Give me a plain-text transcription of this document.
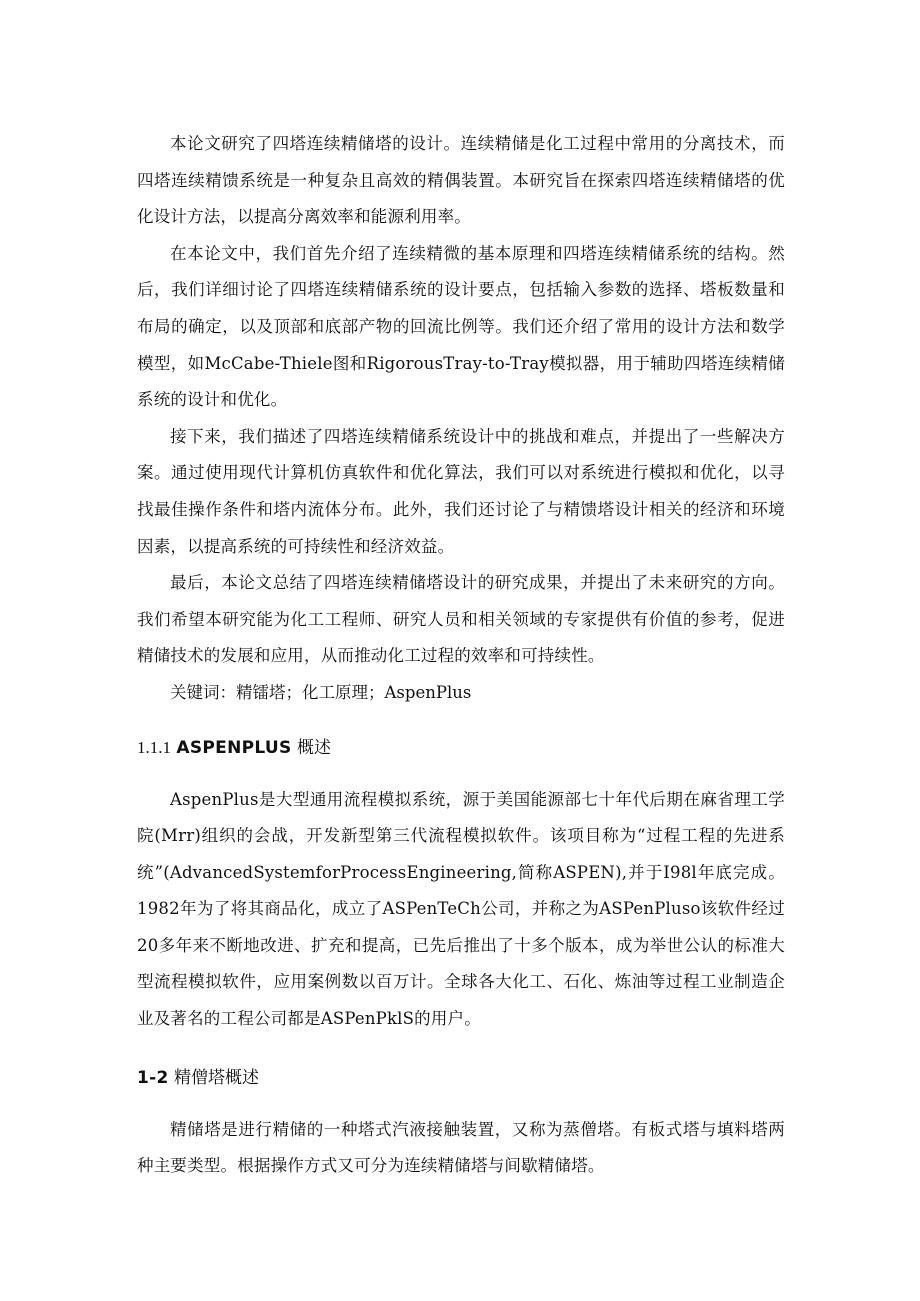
本论文研究了四塔连续精储塔的设计。连续精储是化工过程中常用的分离技术，而四塔连续精馈系统是一种复杂且高效的精偶装置。本研究旨在探索四塔连续精储塔的优化设计方法，以提高分离效率和能源利用率。

在本论文中，我们首先介绍了连续精微的基本原理和四塔连续精储系统的结构。然后，我们详细讨论了四塔连续精储系统的设计要点，包括输入参数的选择、塔板数量和布局的确定，以及顶部和底部产物的回流比例等。我们还介绍了常用的设计方法和数学模型，如McCabe-Thiele图和RigorousTray-to-Tray模拟器，用于辅助四塔连续精储系统的设计和优化。

接下来，我们描述了四塔连续精储系统设计中的挑战和难点，并提出了一些解决方案。通过使用现代计算机仿真软件和优化算法，我们可以对系统进行模拟和优化，以寻找最佳操作条件和塔内流体分布。此外，我们还讨论了与精馈塔设计相关的经济和环境因素，以提高系统的可持续性和经济效益。

最后，本论文总结了四塔连续精储塔设计的研究成果，并提出了未来研究的方向。我们希望本研究能为化工工程师、研究人员和相关领域的专家提供有价值的参考，促进精储技术的发展和应用，从而推动化工过程的效率和可持续性。

关键词：精镭塔；化工原理；AspenPlus

1.1.1 ASPENPLUS 概述

AspenPlus是大型通用流程模拟系统，源于美国能源部七十年代后期在麻省理工学院(Mrr)组织的会战，开发新型第三代流程模拟软件。该项目称为“过程工程的先进系统”(AdvancedSystemforProcessEngineering,简称ASPEN),并于I98l年底完成。1982年为了将其商品化，成立了ASPenTeCh公司，并称之为ASPenPluso该软件经过20多年来不断地改进、扩充和提高，已先后推出了十多个版本，成为举世公认的标准大型流程模拟软件，应用案例数以百万计。全球各大化工、石化、炼油等过程工业制造企业及著名的工程公司都是ASPenPklS的用户。

1-2 精僧塔概述

精储塔是进行精储的一种塔式汽液接触装置，又称为蒸僧塔。有板式塔与填料塔两种主要类型。根据操作方式又可分为连续精储塔与间歇精储塔。
